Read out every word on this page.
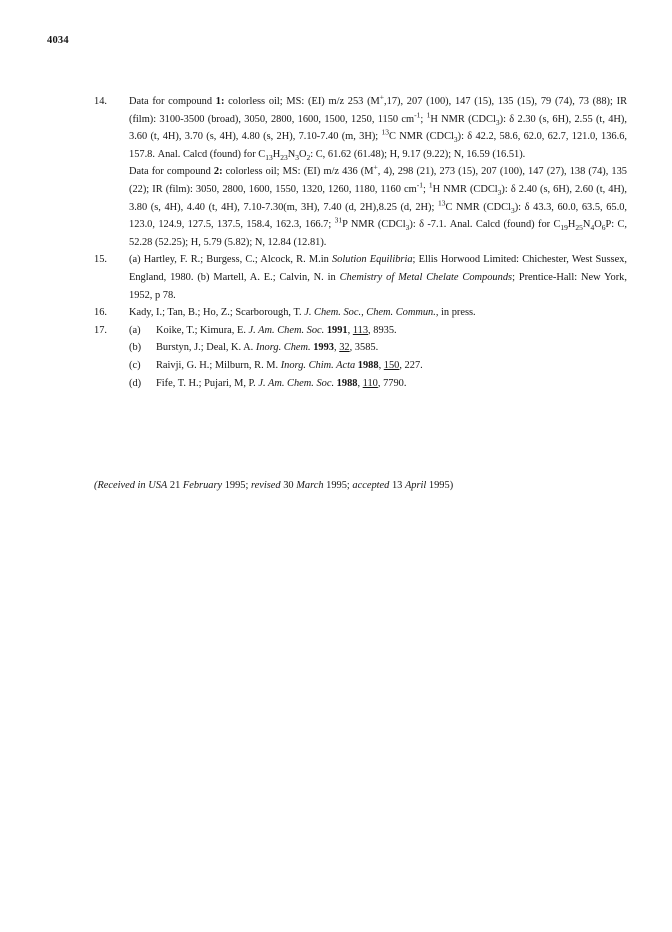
4034
14.	Data for compound 1: colorless oil; MS: (EI) m/z 253 (M+,17), 207 (100), 147 (15), 135 (15), 79 (74), 73 (88); IR (film): 3100-3500 (broad), 3050, 2800, 1600, 1500, 1250, 1150 $cm^{-1}$; $^1$H NMR (CDCl$_3$): δ 2.30 (s, 6H), 2.55 (t, 4H), 3.60 (t, 4H), 3.70 (s, 4H), 4.80 (s, 2H), 7.10-7.40 (m, 3H); $^{13}$C NMR (CDCl$_3$): δ 42.2, 58.6, 62.0, 62.7, 121.0, 136.6, 157.8. Anal. Calcd (found) for $C_{13}H_{23}N_3O_2$: C, 61.62 (61.48); H, 9.17 (9.22); N, 16.59 (16.51).
Data for compound 2: colorless oil; MS: (EI) m/z 436 (M+, 4), 298 (21), 273 (15), 207 (100), 147 (27), 138 (74), 135 (22); IR (film): 3050, 2800, 1600, 1550, 1320, 1260, 1180, 1160 $cm^{-1}$; $^1$H NMR (CDCl$_3$): δ 2.40 (s, 6H), 2.60 (t, 4H), 3.80 (s, 4H), 4.40 (t, 4H), 7.10-7.30(m, 3H), 7.40 (d, 2H),8.25 (d, 2H); $^{13}$C NMR (CDCl$_3$): δ 43.3, 60.0, 63.5, 65.0, 123.0, 124.9, 127.5, 137.5, 158.4, 162.3, 166.7; $^{31}$P NMR (CDCl$_3$): δ -7.1. Anal. Calcd (found) for $C_{19}H_{25}N_4O_6P$: C, 52.28 (52.25); H, 5.79 (5.82); N, 12.84 (12.81).
15.	(a) Hartley, F. R.; Burgess, C.; Alcock, R. M.in Solution Equilibria; Ellis Horwood Limited: Chichester, West Sussex, England, 1980. (b) Martell, A. E.; Calvin, N. in Chemistry of Metal Chelate Compounds; Prentice-Hall: New York, 1952, p 78.
16.	Kady, I.; Tan, B.; Ho, Z.; Scarborough, T. J. Chem. Soc., Chem. Commun., in press.
17.	(a)	Koike, T.; Kimura, E. J. Am. Chem. Soc. 1991, 113, 8935.
(b)	Burstyn, J.; Deal, K. A. Inorg. Chem. 1993, 32, 3585.
(c)	Raivji, G. H.; Milburn, R. M. Inorg. Chim. Acta 1988, 150, 227.
(d)	Fife, T. H.; Pujari, M, P. J. Am. Chem. Soc. 1988, 110, 7790.
(Received in USA 21 February 1995; revised 30 March 1995; accepted 13 April 1995)
